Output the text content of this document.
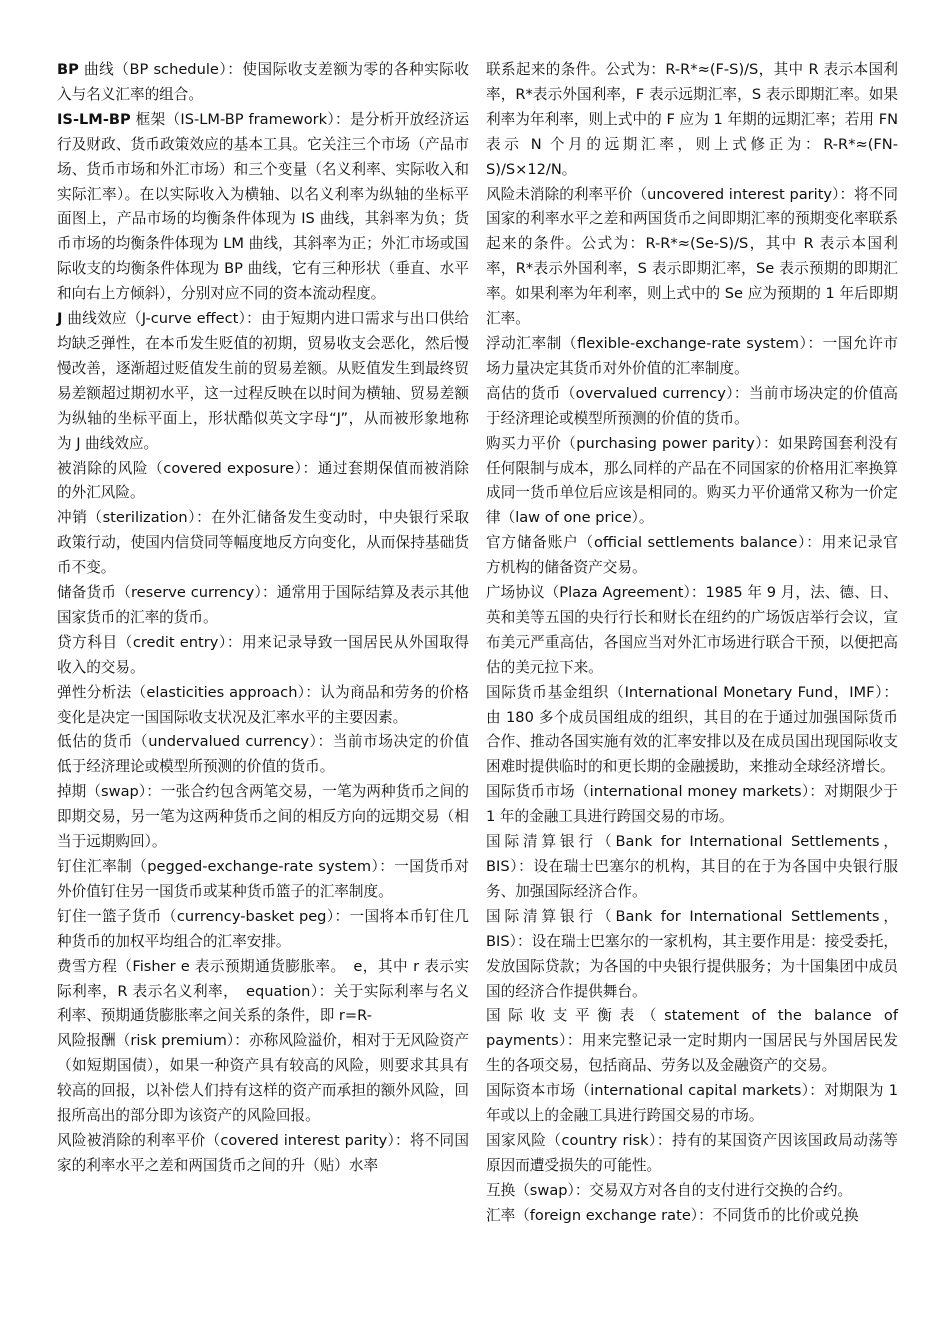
BP 曲线（BP schedule）：使国际收支差额为零的各种实际收入与名义汇率的组合。

IS-LM-BP 框架（IS-LM-BP framework）：是分析开放经济运行及财政、货币政策效应的基本工具。它关注三个市场（产品市场、货币市场和外汇市场）和三个变量（名义利率、实际收入和实际汇率）。在以实际收入为横轴、以名义利率为纵轴的坐标平面图上，产品市场的均衡条件体现为 IS 曲线，其斜率为负；货币市场的均衡条件体现为 LM 曲线，其斜率为正；外汇市场或国际收支的均衡条件体现为 BP 曲线，它有三种形状（垂直、水平和向右上方倾斜），分别对应不同的资本流动程度。

J 曲线效应（J-curve effect）：由于短期内进口需求与出口供给均缺乏弹性，在本币发生贬值的初期，贸易收支会恶化，然后慢慢改善，逐渐超过贬值发生前的贸易差额。从贬值发生到最终贸易差额超过期初水平，这一过程反映在以时间为横轴、贸易差额为纵轴的坐标平面上，形状酷似英文字母“J”，从而被形象地称为 J 曲线效应。

被消除的风险（covered exposure）：通过套期保值而被消除的外汇风险。

冲销（sterilization）：在外汇储备发生变动时，中央银行采取政策行动，使国内信贷同等幅度地反方向变化，从而保持基础货币不变。

储备货币（reserve currency）：通常用于国际结算及表示其他国家货币的汇率的货币。

贷方科目（credit entry）：用来记录导致一国居民从外国取得收入的交易。

弹性分析法（elasticities approach）：认为商品和劳务的价格变化是决定一国国际收支状况及汇率水平的主要因素。

低估的货币（undervalued currency）：当前市场决定的价值低于经济理论或模型所预测的价值的货币。

掉期（swap）：一张合约包含两笔交易，一笔为两种货币之间的即期交易，另一笔为这两种货币之间的相反方向的远期交易（相当于远期购回）。

钉住汇率制（pegged-exchange-rate system）：一国货币对外价值钉住另一国货币或某种货币篮子的汇率制度。

钉住一篮子货币（currency-basket peg）：一国将本币钉住几种货币的加权平均组合的汇率安排。

费雪方程（Fisher e 表示预期通货膨胀率。　e，其中 r 表示实际利率，R 表示名义利率，　equation）：关于实际利率与名义利率、预期通货膨胀率之间关系的条件，即 r=R-

风险报酬（risk premium）：亦称风险溢价，相对于无风险资产（如短期国债），如果一种资产具有较高的风险，则要求其具有较高的回报，以补偿人们持有这样的资产而承担的额外风险，回报所高出的部分即为该资产的风险回报。

风险被消除的利率平价（covered interest parity）：将不同国家的利率水平之差和两国货币之间的升（贴）水率

联系起来的条件。公式为：R-R*≈(F-S)/S，其中 R 表示本国利率，R*表示外国利率，F 表示远期汇率，S 表示即期汇率。如果利率为年利率，则上式中的 F 应为 1 年期的远期汇率；若用 FN 表示 N 个月的远期汇率，则上式修正为：R-R*≈(FN-S)/S×12/N。

风险未消除的利率平价（uncovered interest parity）：将不同国家的利率水平之差和两国货币之间即期汇率的预期变化率联系起来的条件。公式为：R-R*≈(Se-S)/S，其中 R 表示本国利率，R*表示外国利率，S 表示即期汇率，Se 表示预期的即期汇率。如果利率为年利率，则上式中的 Se 应为预期的 1 年后即期汇率。

浮动汇率制（flexible-exchange-rate system）：一国允许市场力量决定其货币对外价值的汇率制度。

高估的货币（overvalued currency）：当前市场决定的价值高于经济理论或模型所预测的价值的货币。

购买力平价（purchasing power parity）：如果跨国套利没有任何限制与成本，那么同样的产品在不同国家的价格用汇率换算成同一货币单位后应该是相同的。购买力平价通常又称为一价定律（law of one price）。

官方储备账户（official settlements balance）：用来记录官方机构的储备资产交易。

广场协议（Plaza Agreement）：1985 年 9 月，法、德、日、英和美等五国的央行行长和财长在纽约的广场饭店举行会议，宣布美元严重高估，各国应当对外汇市场进行联合干预，以便把高估的美元拉下来。

国际货币基金组织（International Monetary Fund，IMF）：由 180 多个成员国组成的组织，其目的在于通过加强国际货币合作、推动各国实施有效的汇率安排以及在成员国出现国际收支困难时提供临时的和更长期的金融援助，来推动全球经济增长。

国际货币市场（international money markets）：对期限少于 1 年的金融工具进行跨国交易的市场。

国际清算银行（Bank for International Settlements，BIS）：设在瑞士巴塞尔的机构，其目的在于为各国中央银行服务、加强国际经济合作。

国际清算银行（Bank for International Settlements，BIS）：设在瑞士巴塞尔的一家机构，其主要作用是：接受委托，发放国际贷款；为各国的中央银行提供服务；为十国集团中成员国的经济合作提供舞台。

国际收支平衡表（statement of the balance of payments）：用来完整记录一定时期内一国居民与外国居民发生的各项交易，包括商品、劳务以及金融资产的交易。

国际资本市场（international capital markets）：对期限为 1 年或以上的金融工具进行跨国交易的市场。

国家风险（country risk）：持有的某国资产因该国政局动荡等原因而遭受损失的可能性。

互换（swap）：交易双方对各自的支付进行交换的合约。

汇率（foreign exchange rate）：不同货币的比价或兑换
